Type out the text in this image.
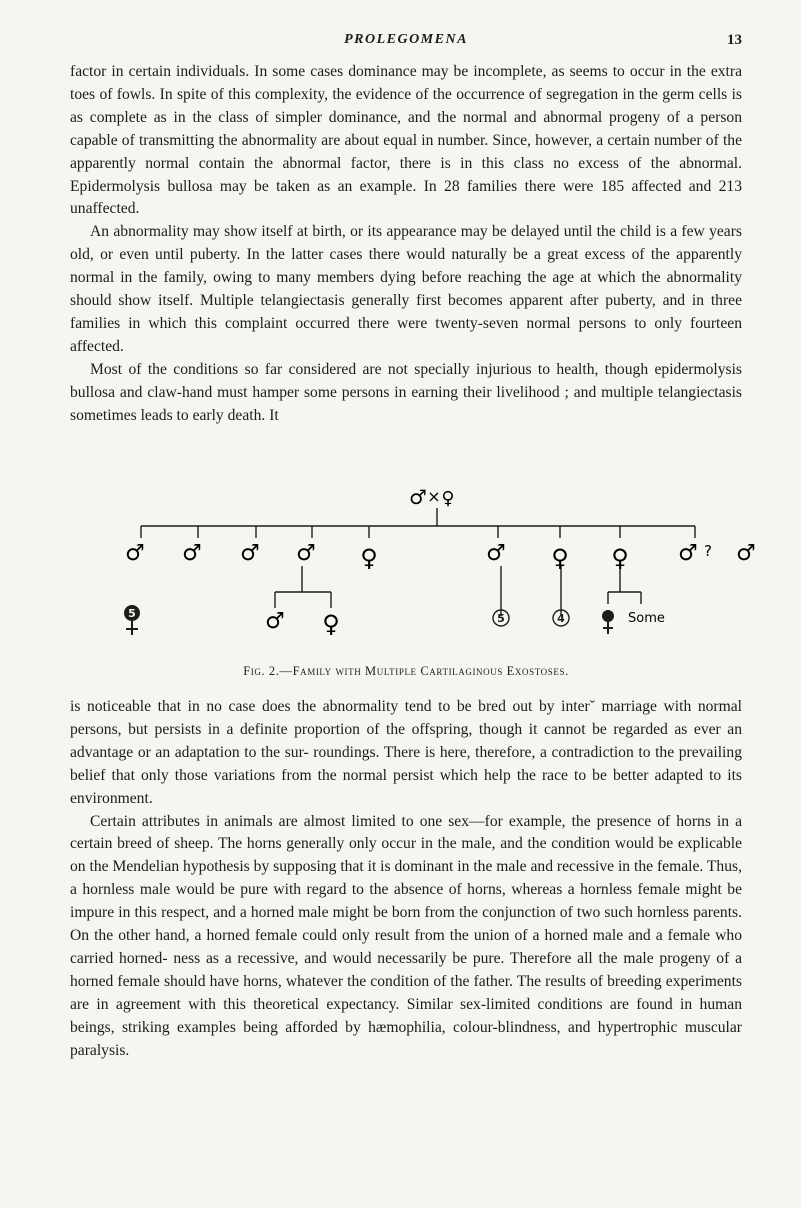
PROLEGOMENA	13

factor in certain individuals. In some cases dominance may be incomplete, as seems to occur in the extra toes of fowls. In spite of this complexity, the evidence of the occurrence of segregation in the germ cells is as complete as in the class of simpler dominance, and the normal and abnormal progeny of a person capable of transmitting the abnormality are about equal in number. Since, however, a certain number of the apparently normal contain the abnormal factor, there is in this class no excess of the abnormal. Epidermolysis bullosa may be taken as an example. In 28 families there were 185 affected and 213 unaffected.

An abnormality may show itself at birth, or its appearance may be delayed until the child is a few years old, or even until puberty. In the latter cases there would naturally be a great excess of the apparently normal in the family, owing to many members dying before reaching the age at which the abnormality should show itself. Multiple telangiectasis generally first becomes apparent after puberty, and in three families in which this complaint occurred there were twenty-seven normal persons to only fourteen affected.

Most of the conditions so far considered are not specially injurious to health, though epidermolysis bullosa and claw-hand must hamper some persons in earning their livelihood ; and multiple telangiectasis sometimes leads to early death. It

♂ × ♀
♂ ♂ ♂ ♂ ♀	♂ ♀ ♀ ♂ ♂
?
5	♂ ♀	5	4	Some
Fig. 2.—Family with Multiple Cartilaginous Exostoses.

is noticeable that in no case does the abnormality tend to be bred out by inter˘ marriage with normal persons, but persists in a definite proportion of the offspring, though it cannot be regarded as ever an advantage or an adaptation to the sur- roundings. There is here, therefore, a contradiction to the prevailing belief that only those variations from the normal persist which help the race to be better adapted to its environment.

Certain attributes in animals are almost limited to one sex—for example, the presence of horns in a certain breed of sheep. The horns generally only occur in the male, and the condition would be explicable on the Mendelian hypothesis by supposing that it is dominant in the male and recessive in the female. Thus, a hornless male would be pure with regard to the absence of horns, whereas a hornless female might be impure in this respect, and a horned male might be born from the conjunction of two such hornless parents. On the other hand, a horned female could only result from the union of a horned male and a female who carried horned- ness as a recessive, and would necessarily be pure. Therefore all the male progeny of a horned female should have horns, whatever the condition of the father. The results of breeding experiments are in agreement with this theoretical expectancy. Similar sex-limited conditions are found in human beings, striking examples being afforded by hæmophilia, colour-blindness, and hypertrophic muscular paralysis.
